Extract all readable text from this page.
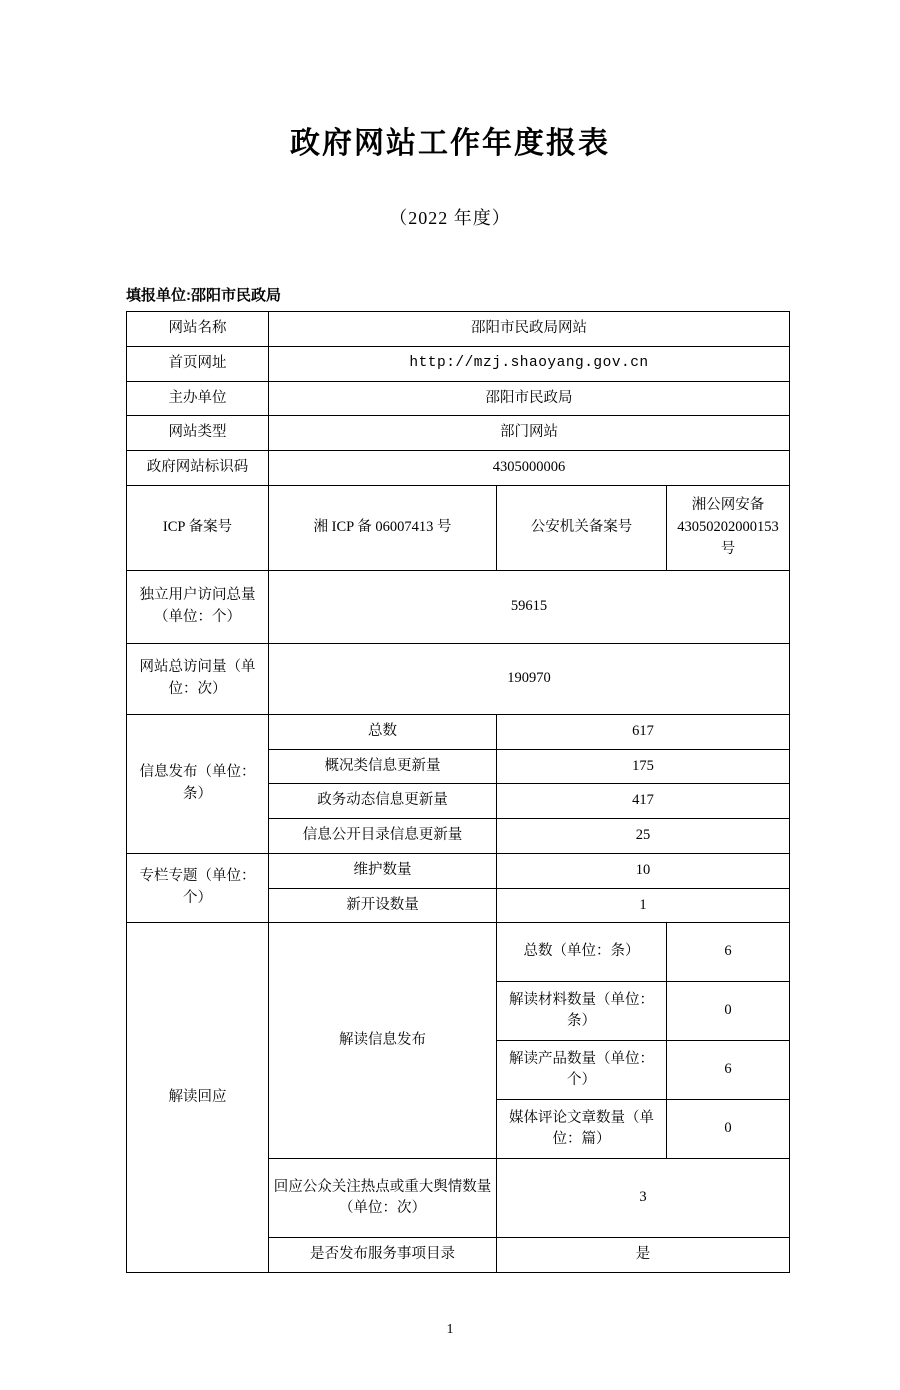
政府网站工作年度报表
（2022 年度）
填报单位:邵阳市民政局
网站名称	邵阳市民政局网站		
首页网址	http://mzj.shaoyang.gov.cn		
主办单位	邵阳市民政局		
网站类型	部门网站		
政府网站标识码	4305000006		
ICP 备案号	湘 ICP 备 06007413 号	公安机关备案号	湘公网安备 43050202000153 号
独立用户访问总量（单位：个）	59615		
网站总访问量（单位：次）	190970		
信息发布（单位：条）	总数	617	
	概况类信息更新量	175	
	政务动态信息更新量	417	
	信息公开目录信息更新量	25	
专栏专题（单位：个）	维护数量	10	
	新开设数量	1	
解读回应	解读信息发布	总数（单位：条）	6
		解读材料数量（单位：条）	0
		解读产品数量（单位：个）	6
		媒体评论文章数量（单位：篇）	0
	回应公众关注热点或重大舆情数量（单位：次）	3	
	是否发布服务事项目录	是	
1
